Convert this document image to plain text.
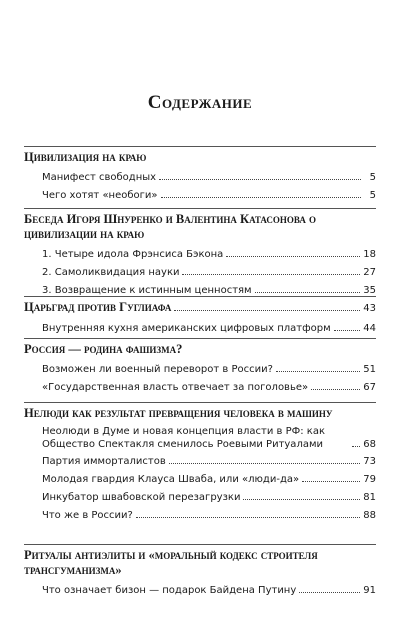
Содержание
Цивилизация на краю
Манифест свободных	5
Чего хотят «необоги»	5
Беседа Игоря Шнуренко и Валентина Катасонова о цивилизации на краю
1. Четыре идола Фрэнсиса Бэкона	18
2. Самоликвидация науки	27
3. Возвращение к истинным ценностям	35
Царьград против Гуглиафа	43
Внутренняя кухня американских цифровых платформ	44
Россия — родина фашизма?
Возможен ли военный переворот в России?	51
«Государственная власть отвечает за поголовье»	67
Нелюди как результат превращения человека в машину
Неолюди в Думе и новая концепция власти в РФ: как Общество Спектакля сменилось Роевыми Ритуалами	68
Партия имморталистов	73
Молодая гвардия Клауса Шваба, или «люди-да»	79
Инкубатор швабовской перезагрузки	81
Что же в России?	88
Ритуалы антиэлиты и «моральный кодекс строителя трансгуманизма»
Что означает бизон — подарок Байдена Путину	91
